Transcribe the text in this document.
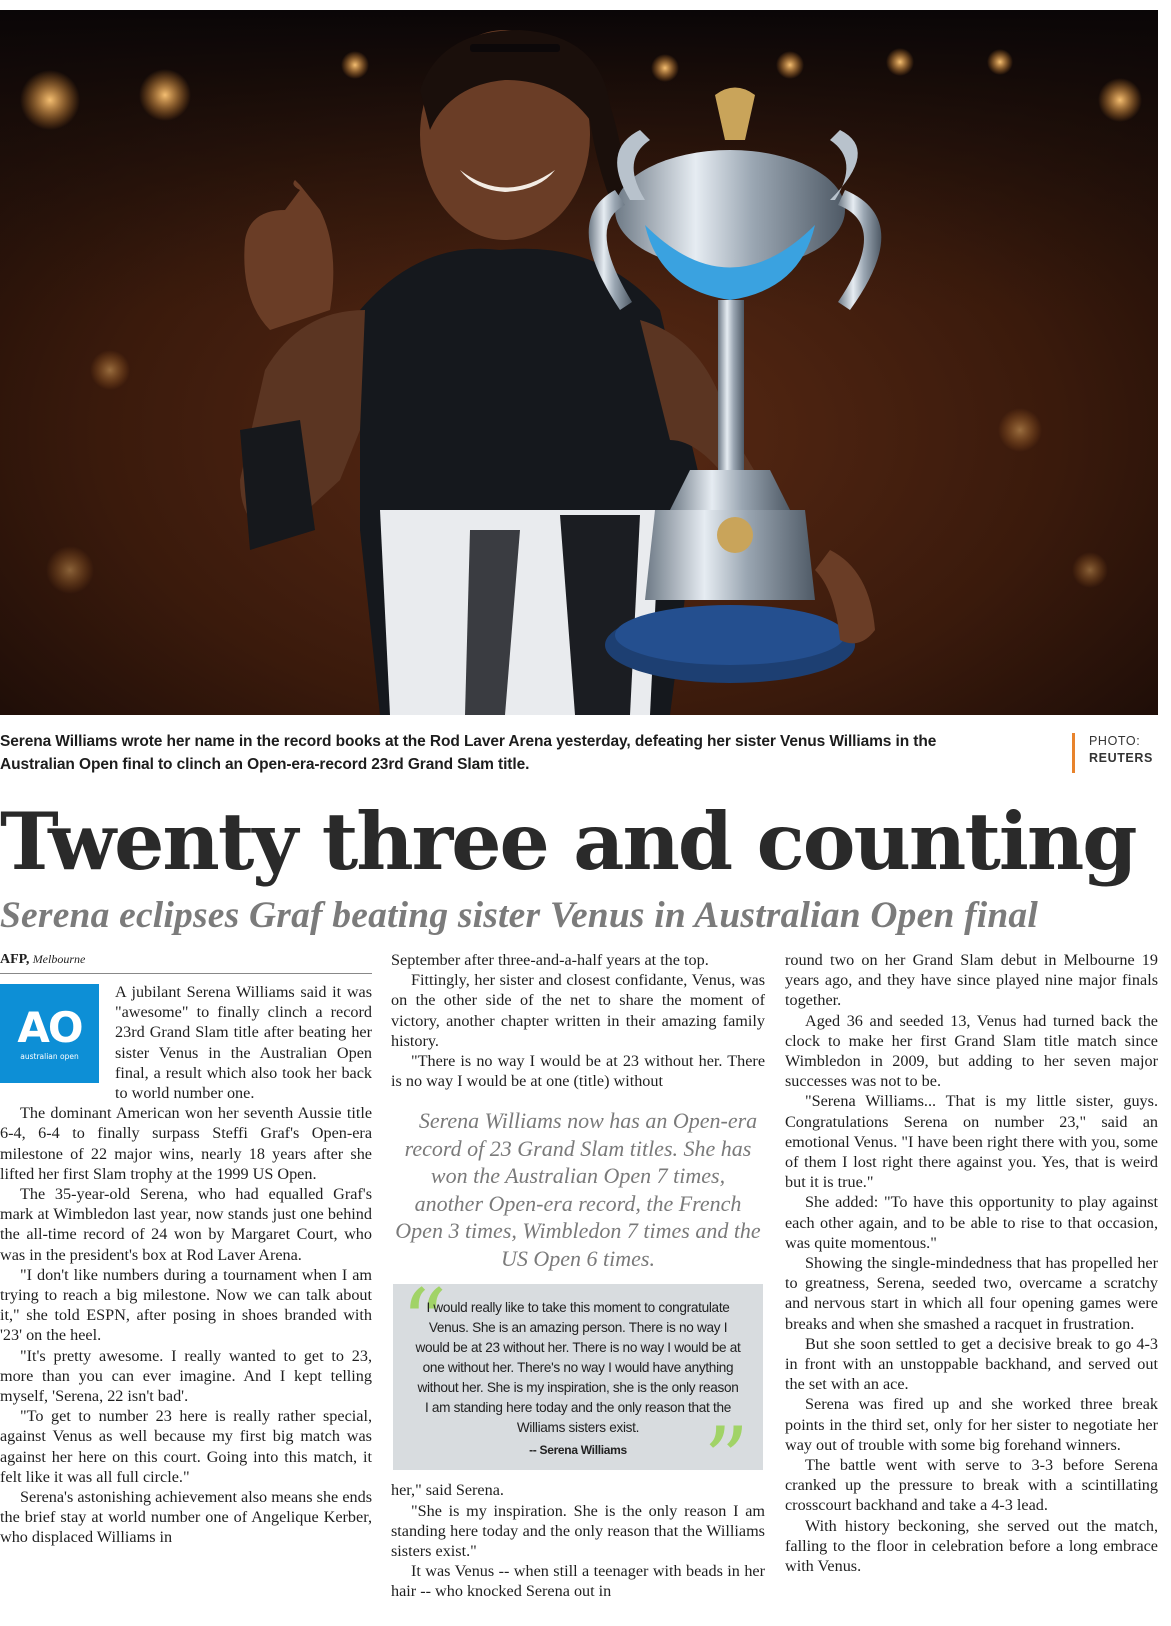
Serena Williams wrote her name in the record books at the Rod Laver Arena yesterday, defeating her sister Venus Williams in the Australian Open final to clinch an Open-era-record 23rd Grand Slam title.
PHOTO:
REUTERS
Twenty three and counting
Serena eclipses Graf beating sister Venus in Australian Open final

AFP, Melbourne

AO
australian open

A jubilant Serena Williams said it was "awesome" to finally clinch a record 23rd Grand Slam title after beating her sister Venus in the Australian Open final, a result which also took her back to world number one.

The dominant American won her seventh Aussie title 6-4, 6-4 to finally surpass Steffi Graf's Open-era milestone of 22 major wins, nearly 18 years after she lifted her first Slam trophy at the 1999 US Open.

The 35-year-old Serena, who had equalled Graf's mark at Wimbledon last year, now stands just one behind the all-time record of 24 won by Margaret Court, who was in the president's box at Rod Laver Arena.

"I don't like numbers during a tournament when I am trying to reach a big milestone. Now we can talk about it," she told ESPN, after posing in shoes branded with '23' on the heel.

"It's pretty awesome. I really wanted to get to 23, more than you can ever imagine. And I kept telling myself, 'Serena, 22 isn't bad'.

"To get to number 23 here is really rather special, against Venus as well because my first big match was against her here on this court. Going into this match, it felt like it was all full circle."

Serena's astonishing achievement also means she ends the brief stay at world number one of Angelique Kerber, who displaced Williams in

September after three-and-a-half years at the top.

Fittingly, her sister and closest confidante, Venus, was on the other side of the net to share the moment of victory, another chapter written in their amazing family history.

"There is no way I would be at 23 without her. There is no way I would be at one (title) without

Serena Williams now has an Open-era record of 23 Grand Slam titles. She has won the Australian Open 7 times, another Open-era record, the French Open 3 times, Wimbledon 7 times and the US Open 6 times.

“
I would really like to take this moment to congratulate Venus. She is an amazing person. There is no way I would be at 23 without her. There is no way I would be at one without her. There's no way I would have anything without her. She is my inspiration, she is the only reason I am standing here today and the only reason that the Williams sisters exist.
-- Serena Williams ”

her," said Serena.

"She is my inspiration. She is the only reason I am standing here today and the only reason that the Williams sisters exist."

It was Venus -- when still a teenager with beads in her hair -- who knocked Serena out in

round two on her Grand Slam debut in Melbourne 19 years ago, and they have since played nine major finals together.

Aged 36 and seeded 13, Venus had turned back the clock to make her first Grand Slam title match since Wimbledon in 2009, but adding to her seven major successes was not to be.

"Serena Williams... That is my little sister, guys. Congratulations Serena on number 23," said an emotional Venus. "I have been right there with you, some of them I lost right there against you. Yes, that is weird but it is true."

She added: "To have this opportunity to play against each other again, and to be able to rise to that occasion, was quite momentous."

Showing the single-mindedness that has propelled her to greatness, Serena, seeded two, overcame a scratchy and nervous start in which all four opening games were breaks and when she smashed a racquet in frustration.

But she soon settled to get a decisive break to go 4-3 in front with an unstoppable backhand, and served out the set with an ace.

Serena was fired up and she worked three break points in the third set, only for her sister to negotiate her way out of trouble with some big forehand winners.

The battle went with serve to 3-3 before Serena cranked up the pressure to break with a scintillating crosscourt backhand and take a 4-3 lead.

With history beckoning, she served out the match, falling to the floor in celebration before a long embrace with Venus.
